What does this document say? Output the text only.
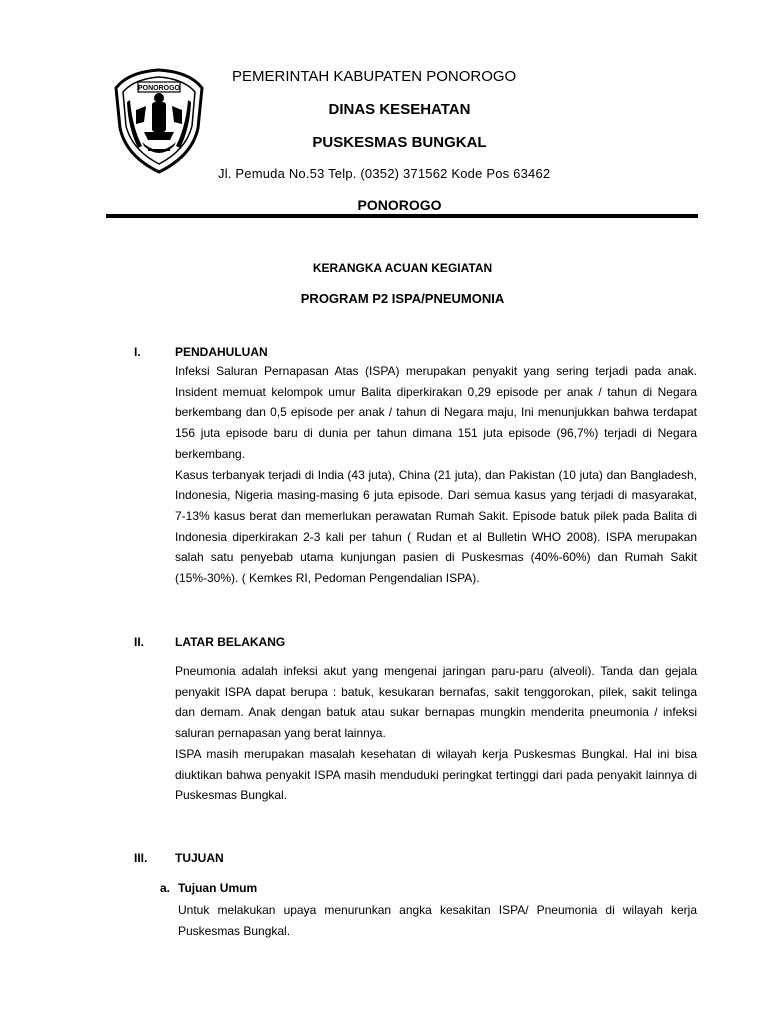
PONOROGO
PEMERINTAH KABUPATEN PONOROGO
DINAS KESEHATAN
PUSKESMAS BUNGKAL
Jl. Pemuda No.53 Telp. (0352) 371562 Kode Pos 63462
PONOROGO
KERANGKA ACUAN KEGIATAN
PROGRAM P2 ISPA/PNEUMONIA
I.	PENDAHULUAN

Infeksi Saluran Pernapasan Atas (ISPA) merupakan penyakit yang sering terjadi pada anak. Insident memuat kelompok umur Balita diperkirakan 0,29 episode per anak / tahun di Negara berkembang dan 0,5 episode per anak / tahun di Negara maju, Ini menunjukkan bahwa terdapat 156 juta episode baru di dunia per tahun dimana 151 juta episode (96,7%) terjadi di Negara berkembang.

Kasus terbanyak terjadi di India (43 juta), China (21 juta), dan Pakistan (10 juta) dan Bangladesh, Indonesia, Nigeria masing-masing 6 juta episode. Dari semua kasus yang terjadi di masyarakat, 7-13% kasus berat dan memerlukan perawatan Rumah Sakit. Episode batuk pilek pada Balita di Indonesia diperkirakan 2-3 kali per tahun ( Rudan et al Bulletin WHO 2008). ISPA merupakan salah satu penyebab utama kunjungan pasien di Puskesmas (40%-60%) dan Rumah Sakit (15%-30%). ( Kemkes RI, Pedoman Pengendalian ISPA).

II.	LATAR BELAKANG

Pneumonia adalah infeksi akut yang mengenai jaringan paru-paru (alveoli). Tanda dan gejala penyakit ISPA dapat berupa : batuk, kesukaran bernafas, sakit tenggorokan, pilek, sakit telinga dan demam. Anak dengan batuk atau sukar bernapas mungkin menderita pneumonia / infeksi saluran pernapasan yang berat lainnya.

ISPA masih merupakan masalah kesehatan di wilayah kerja Puskesmas Bungkal. Hal ini bisa diuktikan bahwa penyakit ISPA masih menduduki peringkat tertinggi dari pada penyakit lainnya di Puskesmas Bungkal.

III. TUJUAN
a. Tujuan Umum

Untuk melakukan upaya menurunkan angka kesakitan ISPA/ Pneumonia di wilayah kerja Puskesmas Bungkal.
